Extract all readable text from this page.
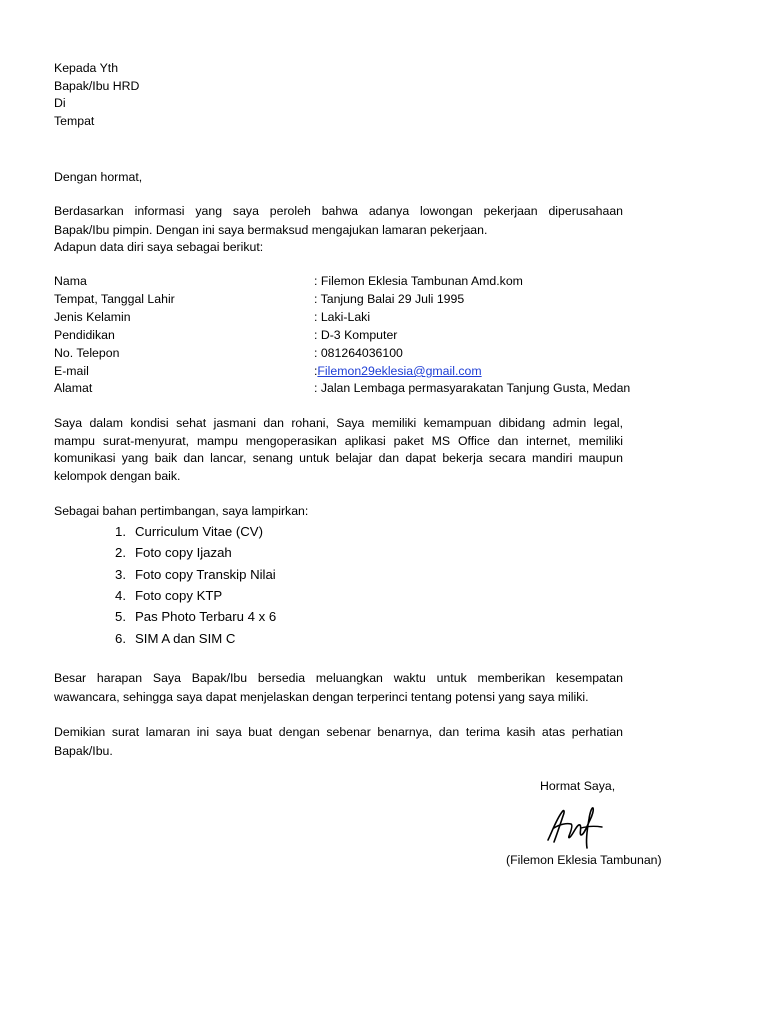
Kepada Yth
Bapak/Ibu HRD
Di
Tempat
Dengan hormat,
Berdasarkan informasi yang saya peroleh bahwa adanya lowongan pekerjaan diperusahaan
Bapak/Ibu pimpin. Dengan ini saya bermaksud mengajukan lamaran pekerjaan.
Adapun data diri saya sebagai berikut:
Nama	: Filemon Eklesia Tambunan Amd.kom
Tempat, Tanggal Lahir	: Tanjung Balai 29 Juli 1995
Jenis Kelamin	: Laki-Laki
Pendidikan	: D-3 Komputer
No. Telepon	: 081264036100
E-mail	:Filemon29eklesia@gmail.com
Alamat	: Jalan Lembaga permasyarakatan Tanjung Gusta, Medan
Saya dalam kondisi sehat jasmani dan rohani, Saya memiliki kemampuan dibidang admin legal,
mampu surat-menyurat, mampu mengoperasikan aplikasi paket MS Office dan internet, memiliki
komunikasi yang baik dan lancar, senang untuk belajar dan dapat bekerja secara mandiri maupun
kelompok dengan baik.
Sebagai bahan pertimbangan, saya lampirkan:
1. Curriculum Vitae (CV)
2. Foto copy Ijazah
3. Foto copy Transkip Nilai
4. Foto copy KTP
5. Pas Photo Terbaru 4 x 6
6. SIM A dan SIM C
Besar harapan Saya Bapak/Ibu bersedia meluangkan waktu untuk memberikan kesempatan
wawancara, sehingga saya dapat menjelaskan dengan terperinci tentang potensi yang saya miliki.
Demikian surat lamaran ini saya buat dengan sebenar benarnya, dan terima kasih atas perhatian
Bapak/Ibu.
Hormat Saya,
(Filemon Eklesia Tambunan)
